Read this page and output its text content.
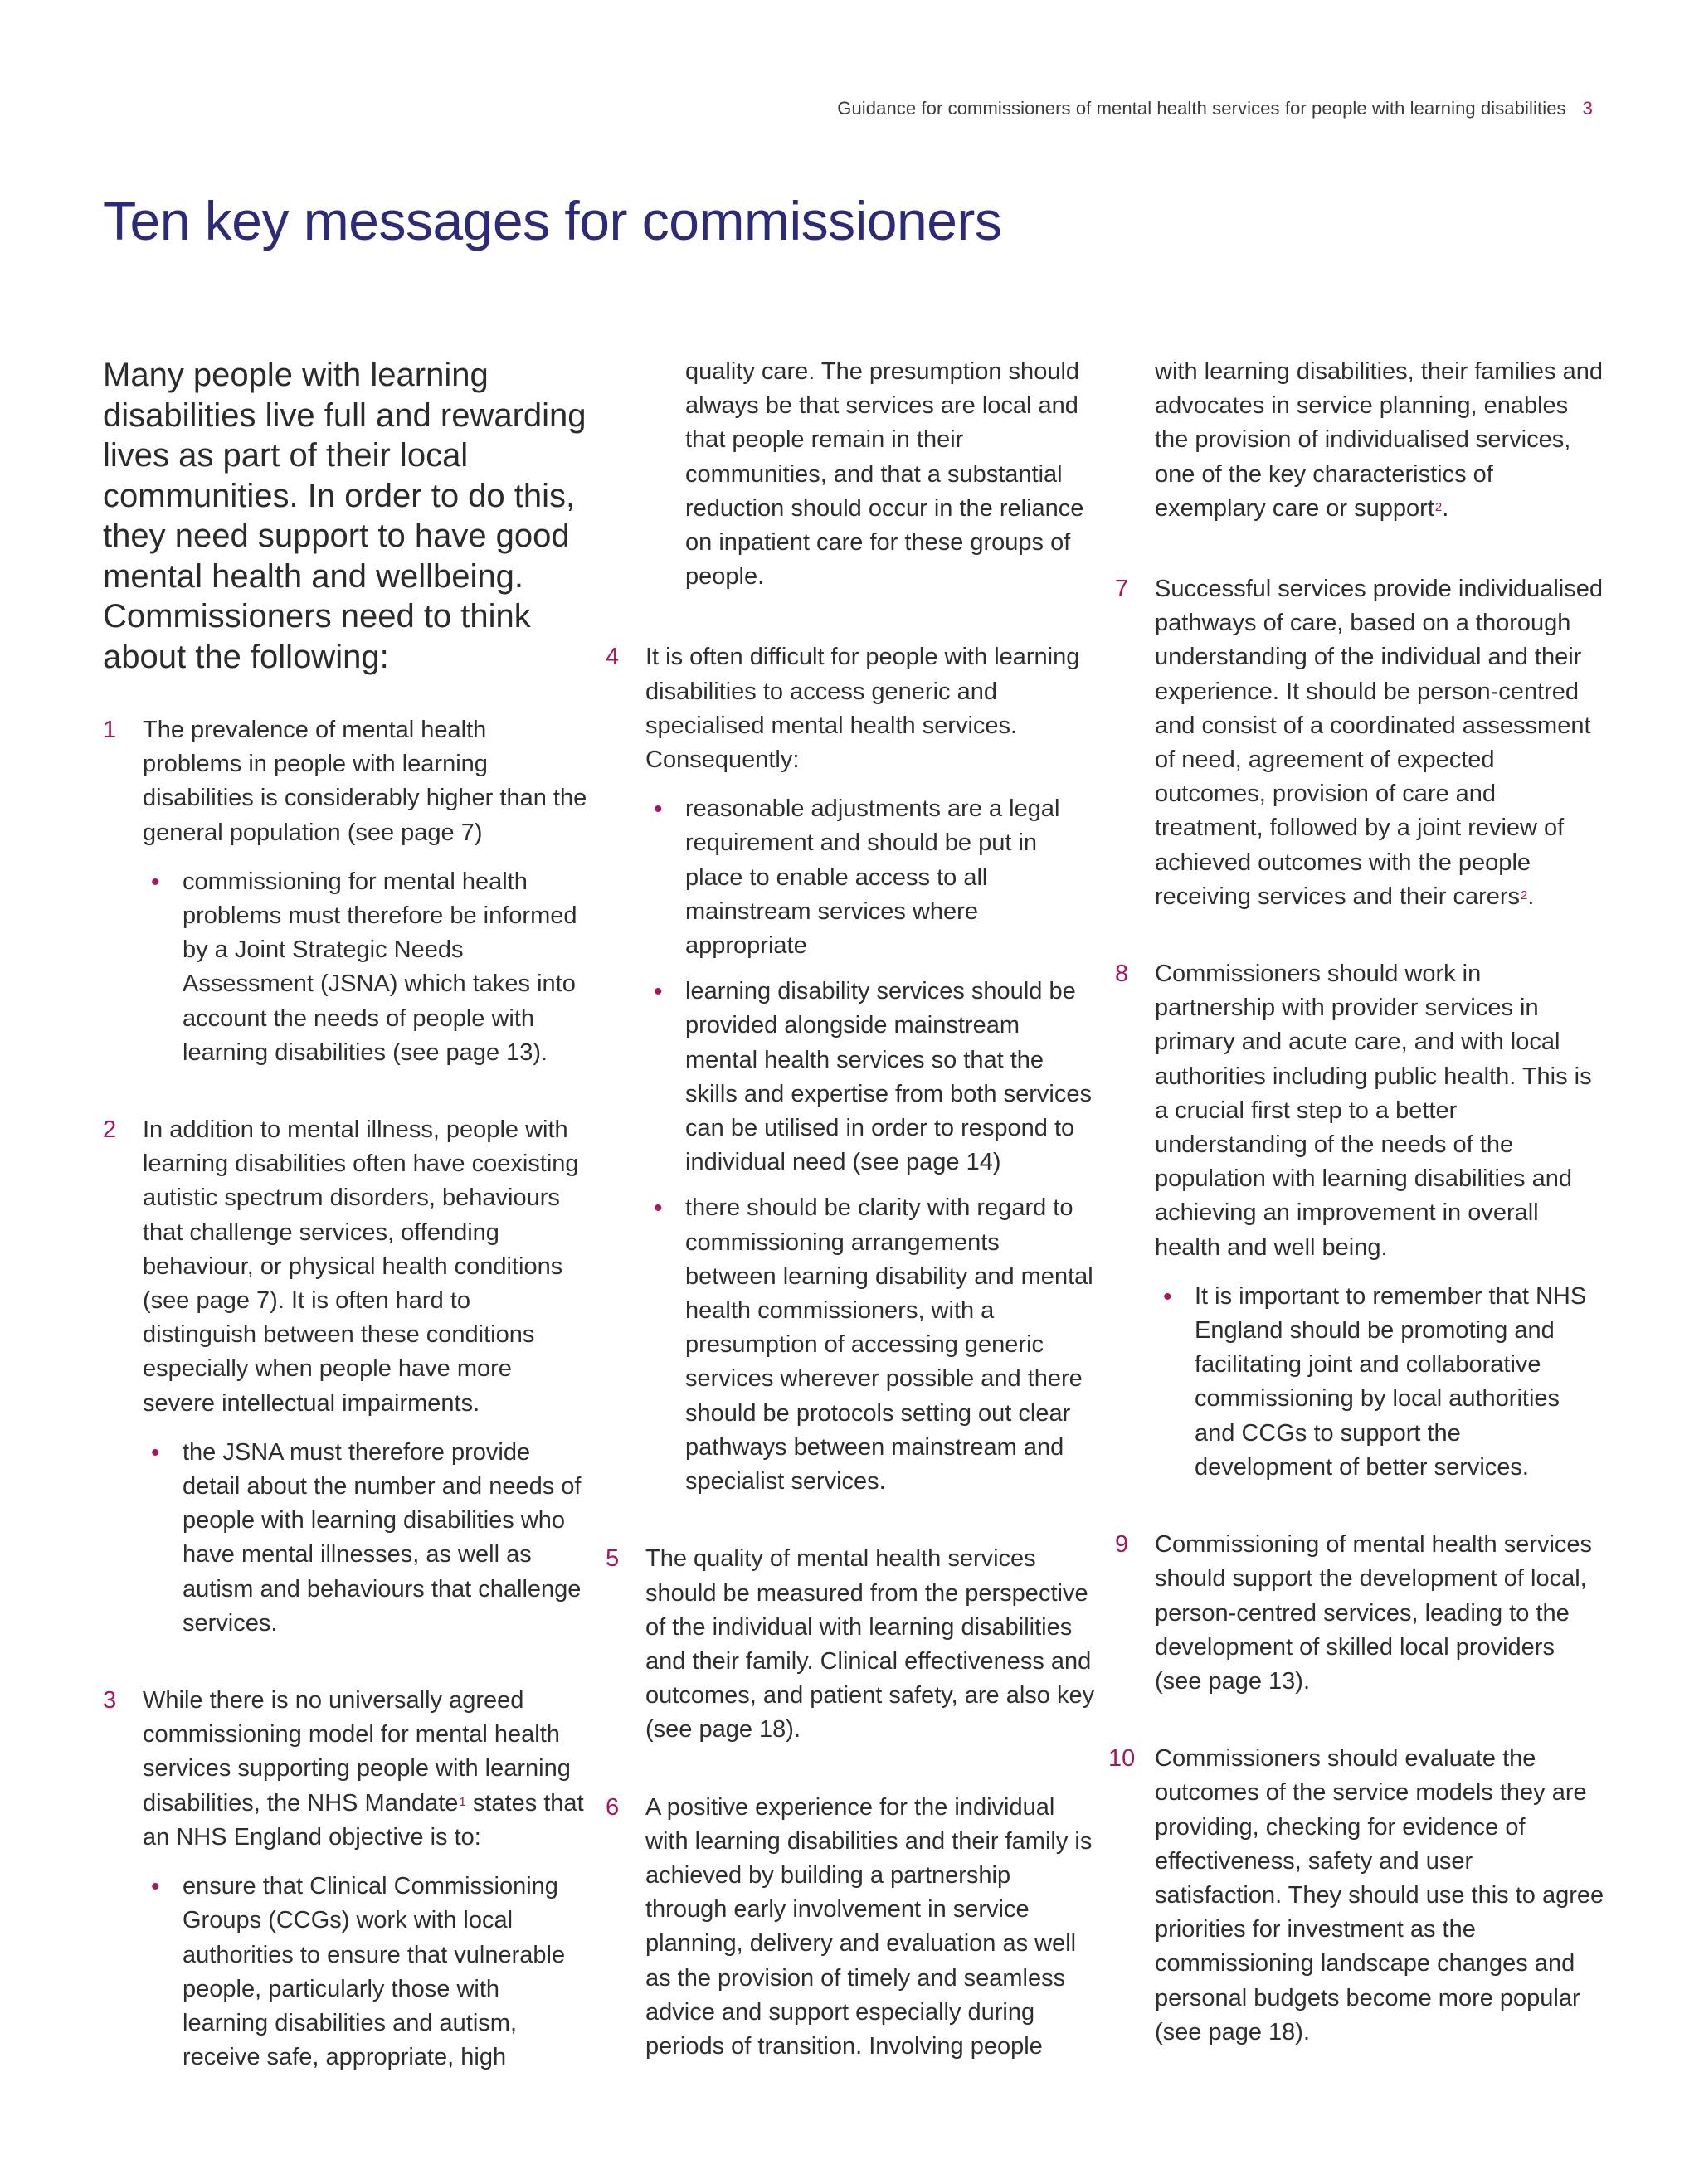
Guidance for commissioners of mental health services for people with learning disabilities 3
Ten key messages for commissioners

Many people with learning disabilities live full and rewarding lives as part of their local communities. In order to do this, they need support to have good mental health and wellbeing. Commissioners need to think about the following:

1 The prevalence of mental health problems in people with learning disabilities is considerably higher than the general population (see page 7)

• commissioning for mental health problems must therefore be informed by a Joint Strategic Needs Assessment (JSNA) which takes into account the needs of people with learning disabilities (see page 13).
2 In addition to mental illness, people with learning disabilities often have coexisting autistic spectrum disorders, behaviours that challenge services, offending behaviour, or physical health conditions (see page 7). It is often hard to distinguish between these conditions especially when people have more severe intellectual impairments.

• the JSNA must therefore provide detail about the number and needs of people with learning disabilities who have mental illnesses, as well as autism and behaviours that challenge services.
3 While there is no universally agreed commissioning model for mental health services supporting people with learning disabilities, the NHS Mandate$^1$ states that an NHS England objective is to:

• ensure that Clinical Commissioning Groups (CCGs) work with local authorities to ensure that vulnerable people, particularly those with learning disabilities and autism, receive safe, appropriate, high

quality care. The presumption should always be that services are local and that people remain in their communities, and that a substantial reduction should occur in the reliance on inpatient care for these groups of people.

4 It is often difficult for people with learning disabilities to access generic and specialised mental health services. Consequently:

• reasonable adjustments are a legal requirement and should be put in place to enable access to all mainstream services where appropriate
• learning disability services should be provided alongside mainstream mental health services so that the skills and expertise from both services can be utilised in order to respond to individual need (see page 14)
• there should be clarity with regard to commissioning arrangements between learning disability and mental health commissioners, with a presumption of accessing generic services wherever possible and there should be protocols setting out clear pathways between mainstream and specialist services.
5 The quality of mental health services should be measured from the perspective of the individual with learning disabilities and their family. Clinical effectiveness and outcomes, and patient safety, are also key (see page 18).

6 A positive experience for the individual with learning disabilities and their family is achieved by building a partnership through early involvement in service planning, delivery and evaluation as well as the provision of timely and seamless advice and support especially during periods of transition. Involving people

with learning disabilities, their families and advocates in service planning, enables the provision of individualised services, one of the key characteristics of exemplary care or support$^2$.

7 Successful services provide individualised pathways of care, based on a thorough understanding of the individual and their experience. It should be person-centred and consist of a coordinated assessment of need, agreement of expected outcomes, provision of care and treatment, followed by a joint review of achieved outcomes with the people receiving services and their carers$^2$.

8 Commissioners should work in partnership with provider services in primary and acute care, and with local authorities including public health. This is a crucial first step to a better understanding of the needs of the population with learning disabilities and achieving an improvement in overall health and well being.

• It is important to remember that NHS England should be promoting and facilitating joint and collaborative commissioning by local authorities and CCGs to support the development of better services.
9 Commissioning of mental health services should support the development of local, person-centred services, leading to the development of skilled local providers (see page 13).

10 Commissioners should evaluate the outcomes of the service models they are providing, checking for evidence of effectiveness, safety and user satisfaction. They should use this to agree priorities for investment as the commissioning landscape changes and personal budgets become more popular (see page 18).
